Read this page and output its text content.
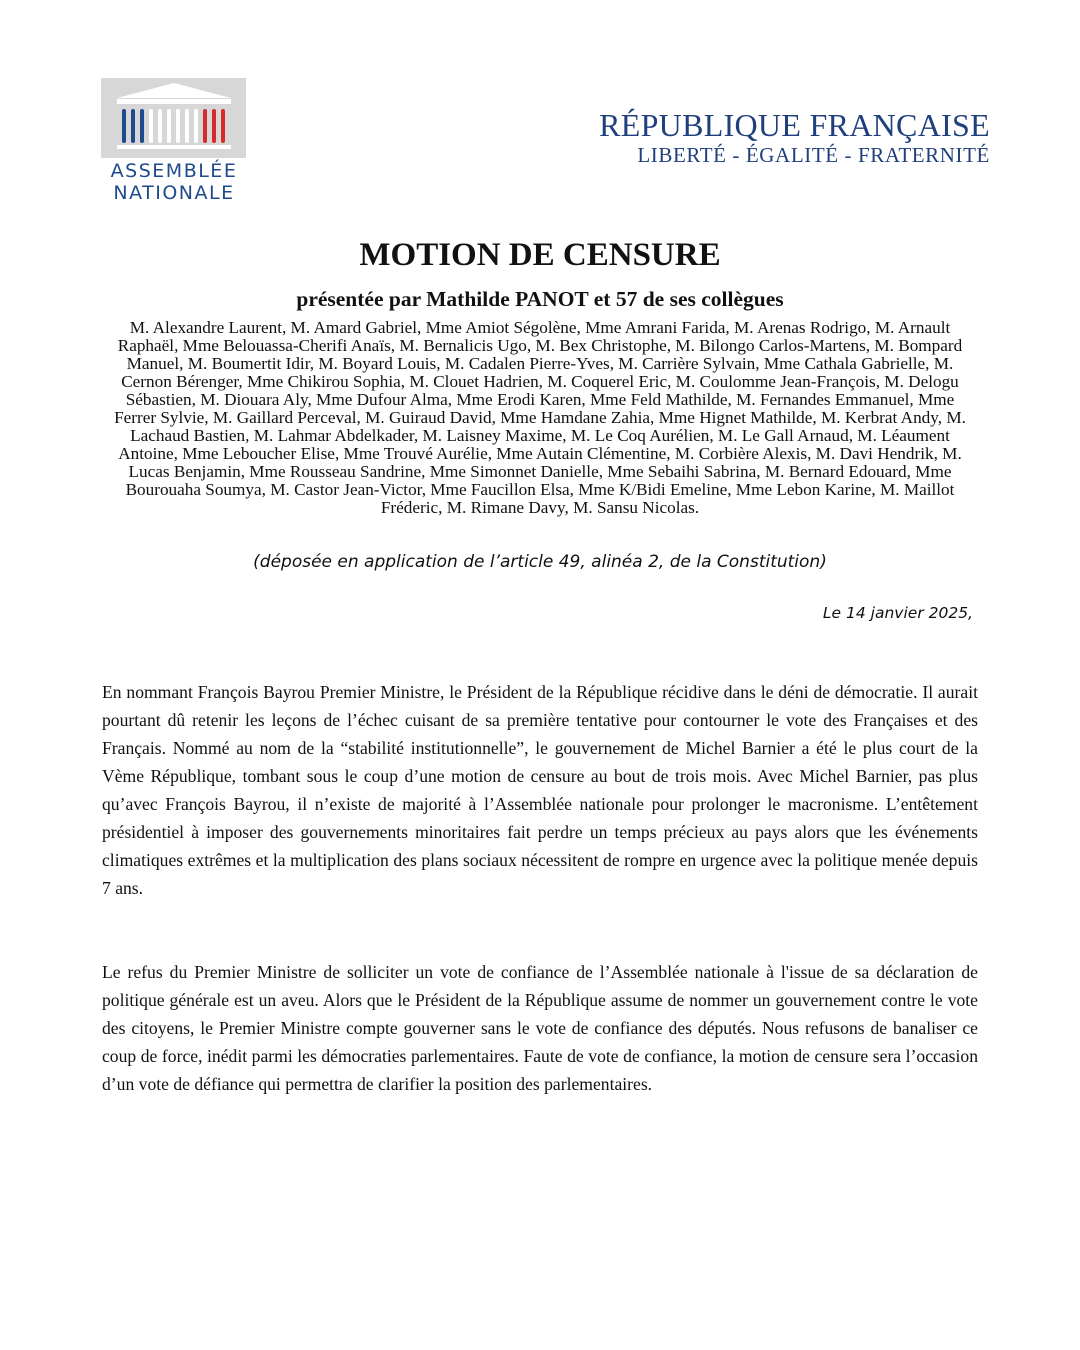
ASSEMBLÉE
NATIONALE
RÉPUBLIQUE FRANÇAISE
LIBERTÉ - ÉGALITÉ - FRATERNITÉ
MOTION DE CENSURE
présentée par Mathilde PANOT et 57 de ses collègues
M. Alexandre Laurent, M. Amard Gabriel, Mme Amiot Ségolène, Mme Amrani Farida, M. Arenas Rodrigo, M. Arnault Raphaël, Mme Belouassa-Cherifi Anaïs, M. Bernalicis Ugo, M. Bex Christophe, M. Bilongo Carlos-Martens, M. Bompard Manuel, M. Boumertit Idir, M. Boyard Louis, M. Cadalen Pierre-Yves, M. Carrière Sylvain, Mme Cathala Gabrielle, M. Cernon Bérenger, Mme Chikirou Sophia, M. Clouet Hadrien, M. Coquerel Eric, M. Coulomme Jean-François, M. Delogu Sébastien, M. Diouara Aly, Mme Dufour Alma, Mme Erodi Karen, Mme Feld Mathilde, M. Fernandes Emmanuel, Mme Ferrer Sylvie, M. Gaillard Perceval, M. Guiraud David, Mme Hamdane Zahia, Mme Hignet Mathilde, M. Kerbrat Andy, M. Lachaud Bastien, M. Lahmar Abdelkader, M. Laisney Maxime, M. Le Coq Aurélien, M. Le Gall Arnaud, M. Léaument Antoine, Mme Leboucher Elise, Mme Trouvé Aurélie, Mme Autain Clémentine, M. Corbière Alexis, M. Davi Hendrik, M. Lucas Benjamin, Mme Rousseau Sandrine, Mme Simonnet Danielle, Mme Sebaihi Sabrina, M. Bernard Edouard, Mme Bourouaha Soumya, M. Castor Jean-Victor, Mme Faucillon Elsa, Mme K/Bidi Emeline, Mme Lebon Karine, M. Maillot Fréderic, M. Rimane Davy, M. Sansu Nicolas.
(déposée en application de l’article 49, alinéa 2, de la Constitution)
Le 14 janvier 2025,

En nommant François Bayrou Premier Ministre, le Président de la République récidive dans le déni de démocratie. Il aurait pourtant dû retenir les leçons de l’échec cuisant de sa première tentative pour contourner le vote des Françaises et des Français. Nommé au nom de la “stabilité institutionnelle”, le gouvernement de Michel Barnier a été le plus court de la Vème République, tombant sous le coup d’une motion de censure au bout de trois mois. Avec Michel Barnier, pas plus qu’avec François Bayrou, il n’existe de majorité à l’Assemblée nationale pour prolonger le macronisme. L’entêtement présidentiel à imposer des gouvernements minoritaires fait perdre un temps précieux au pays alors que les événements climatiques extrêmes et la multiplication des plans sociaux nécessitent de rompre en urgence avec la politique menée depuis 7 ans.

Le refus du Premier Ministre de solliciter un vote de confiance de l’Assemblée nationale à l'issue de sa déclaration de politique générale est un aveu. Alors que le Président de la République assume de nommer un gouvernement contre le vote des citoyens, le Premier Ministre compte gouverner sans le vote de confiance des députés. Nous refusons de banaliser ce coup de force, inédit parmi les démocraties parlementaires. Faute de vote de confiance, la motion de censure sera l’occasion d’un vote de défiance qui permettra de clarifier la position des parlementaires.
